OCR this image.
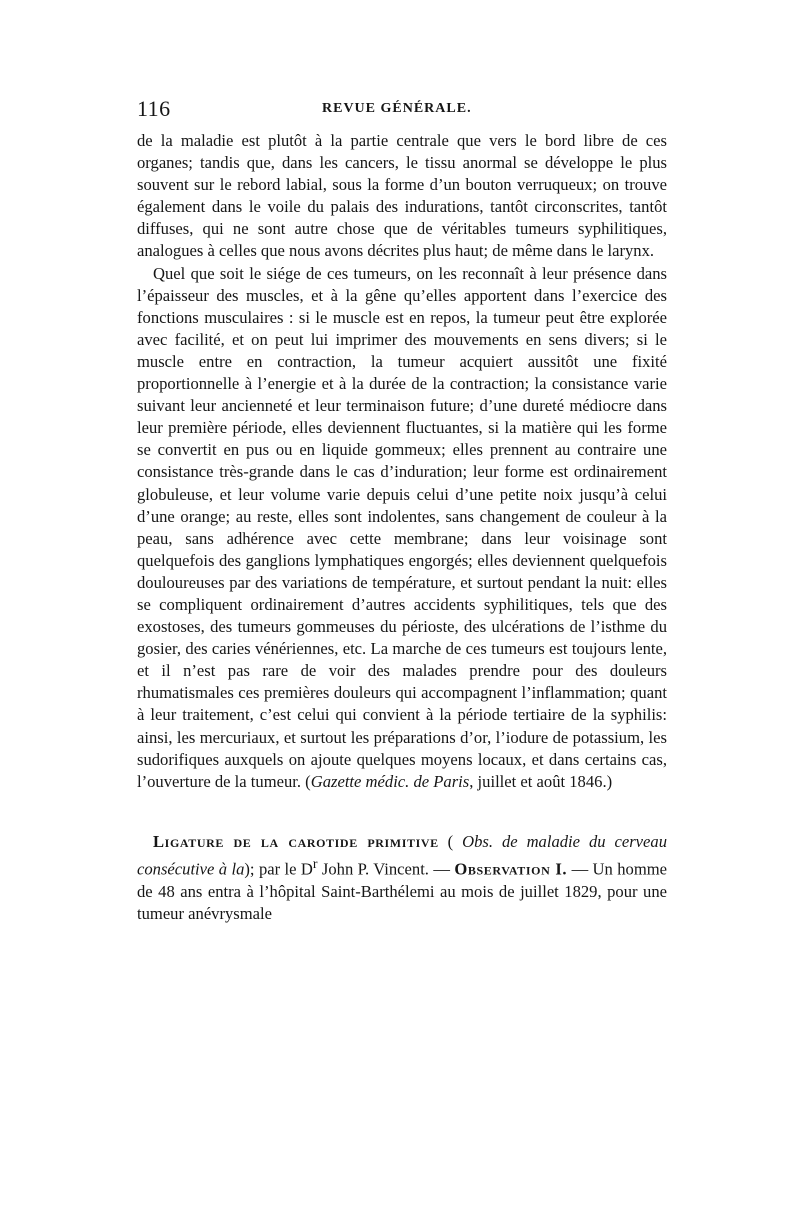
116	REVUE GÉNÉRALE.

de la maladie est plutôt à la partie centrale que vers le bord libre de ces organes; tandis que, dans les cancers, le tissu anormal se développe le plus souvent sur le rebord labial, sous la forme d’un bouton verruqueux; on trouve également dans le voile du palais des indurations, tantôt circonscrites, tantôt diffuses, qui ne sont autre chose que de véritables tumeurs syphilitiques, analogues à celles que nous avons décrites plus haut; de même dans le larynx.

Quel que soit le siége de ces tumeurs, on les reconnaît à leur présence dans l’épaisseur des muscles, et à la gêne qu’elles apportent dans l’exercice des fonctions musculaires : si le muscle est en repos, la tumeur peut être explorée avec facilité, et on peut lui imprimer des mouvements en sens divers; si le muscle entre en contraction, la tumeur acquiert aussitôt une fixité proportionnelle à l’energie et à la durée de la contraction; la consistance varie suivant leur ancienneté et leur terminaison future; d’une dureté médiocre dans leur première période, elles deviennent fluctuantes, si la matière qui les forme se convertit en pus ou en liquide gommeux; elles prennent au contraire une consistance très-grande dans le cas d’induration; leur forme est ordinairement globuleuse, et leur volume varie depuis celui d’une petite noix jusqu’à celui d’une orange; au reste, elles sont indolentes, sans changement de couleur à la peau, sans adhérence avec cette membrane; dans leur voisinage sont quelquefois des ganglions lymphatiques engorgés; elles deviennent quelquefois douloureuses par des variations de température, et surtout pendant la nuit: elles se compliquent ordinairement d’autres accidents syphilitiques, tels que des exostoses, des tumeurs gommeuses du périoste, des ulcérations de l’isthme du gosier, des caries vénériennes, etc. La marche de ces tumeurs est toujours lente, et il n’est pas rare de voir des malades prendre pour des douleurs rhumatismales ces premières douleurs qui accompagnent l’inflammation; quant à leur traitement, c’est celui qui convient à la période tertiaire de la syphilis: ainsi, les mercuriaux, et surtout les préparations d’or, l’iodure de potassium, les sudorifiques auxquels on ajoute quelques moyens locaux, et dans certains cas, l’ouverture de la tumeur. (Gazette médic. de Paris, juillet et août 1846.)

Ligature de la carotide primitive ( Obs. de maladie du cerveau consécutive à la); par le $D^r$ John P. Vincent. — Observation I. — Un homme de 48 ans entra à l’hôpital Saint-Barthélemi au mois de juillet 1829, pour une tumeur anévrysmale
